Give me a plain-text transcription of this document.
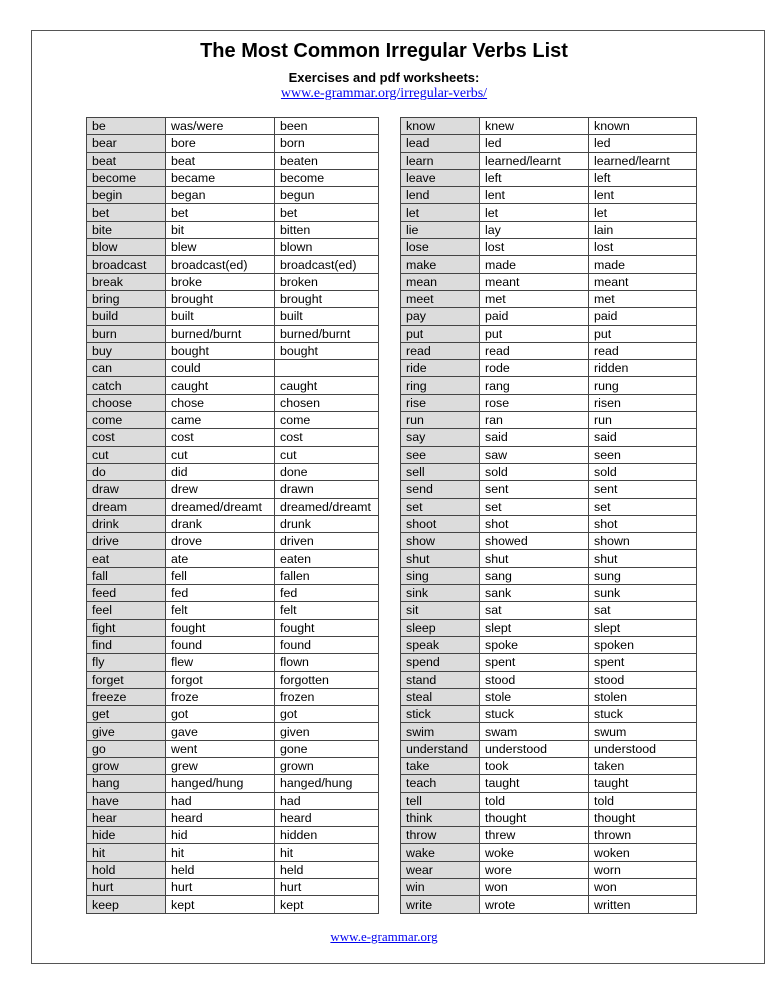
The Most Common Irregular Verbs List
Exercises and pdf worksheets:
www.e-grammar.org/irregular-verbs/
be	was/were	been
bear	bore	born
beat	beat	beaten
become	became	become
begin	began	begun
bet	bet	bet
bite	bit	bitten
blow	blew	blown
broadcast	broadcast(ed)	broadcast(ed)
break	broke	broken
bring	brought	brought
build	built	built
burn	burned/burnt	burned/burnt
buy	bought	bought
can	could	
catch	caught	caught
choose	chose	chosen
come	came	come
cost	cost	cost
cut	cut	cut
do	did	done
draw	drew	drawn
dream	dreamed/dreamt	dreamed/dreamt
drink	drank	drunk
drive	drove	driven
eat	ate	eaten
fall	fell	fallen
feed	fed	fed
feel	felt	felt
fight	fought	fought
find	found	found
fly	flew	flown
forget	forgot	forgotten
freeze	froze	frozen
get	got	got
give	gave	given
go	went	gone
grow	grew	grown
hang	hanged/hung	hanged/hung
have	had	had
hear	heard	heard
hide	hid	hidden
hit	hit	hit
hold	held	held
hurt	hurt	hurt
keep	kept	kept
know	knew	known
lead	led	led
learn	learned/learnt	learned/learnt
leave	left	left
lend	lent	lent
let	let	let
lie	lay	lain
lose	lost	lost
make	made	made
mean	meant	meant
meet	met	met
pay	paid	paid
put	put	put
read	read	read
ride	rode	ridden
ring	rang	rung
rise	rose	risen
run	ran	run
say	said	said
see	saw	seen
sell	sold	sold
send	sent	sent
set	set	set
shoot	shot	shot
show	showed	shown
shut	shut	shut
sing	sang	sung
sink	sank	sunk
sit	sat	sat
sleep	slept	slept
speak	spoke	spoken
spend	spent	spent
stand	stood	stood
steal	stole	stolen
stick	stuck	stuck
swim	swam	swum
understand	understood	understood
take	took	taken
teach	taught	taught
tell	told	told
think	thought	thought
throw	threw	thrown
wake	woke	woken
wear	wore	worn
win	won	won
write	wrote	written
www.e-grammar.org
